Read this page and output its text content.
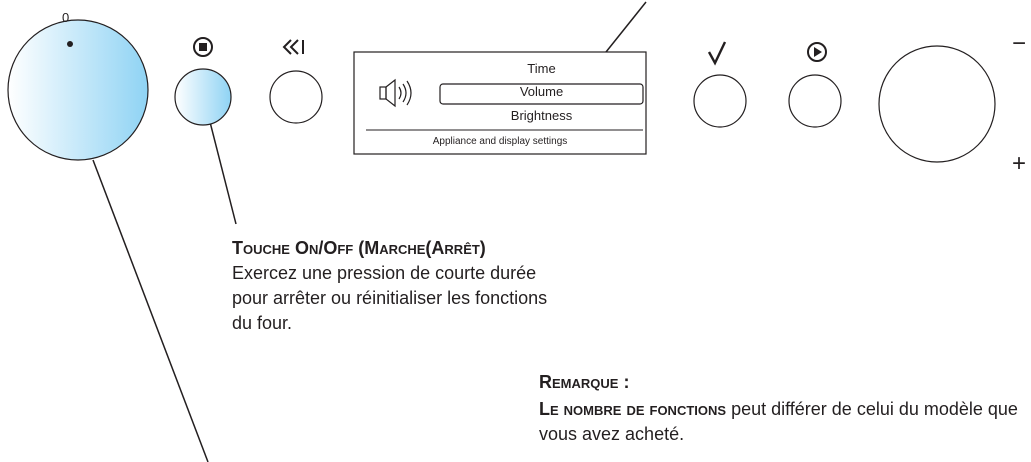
0
Time
Volume
Brightness
Appliance and display settings
−
+
Touche On/Off (Marche(Arrêt)
Exercez une pression de courte durée pour arrêter ou réinitialiser les fonctions du four.
Remarque :
Le nombre de fonctions peut différer de celui du modèle que vous avez acheté.
